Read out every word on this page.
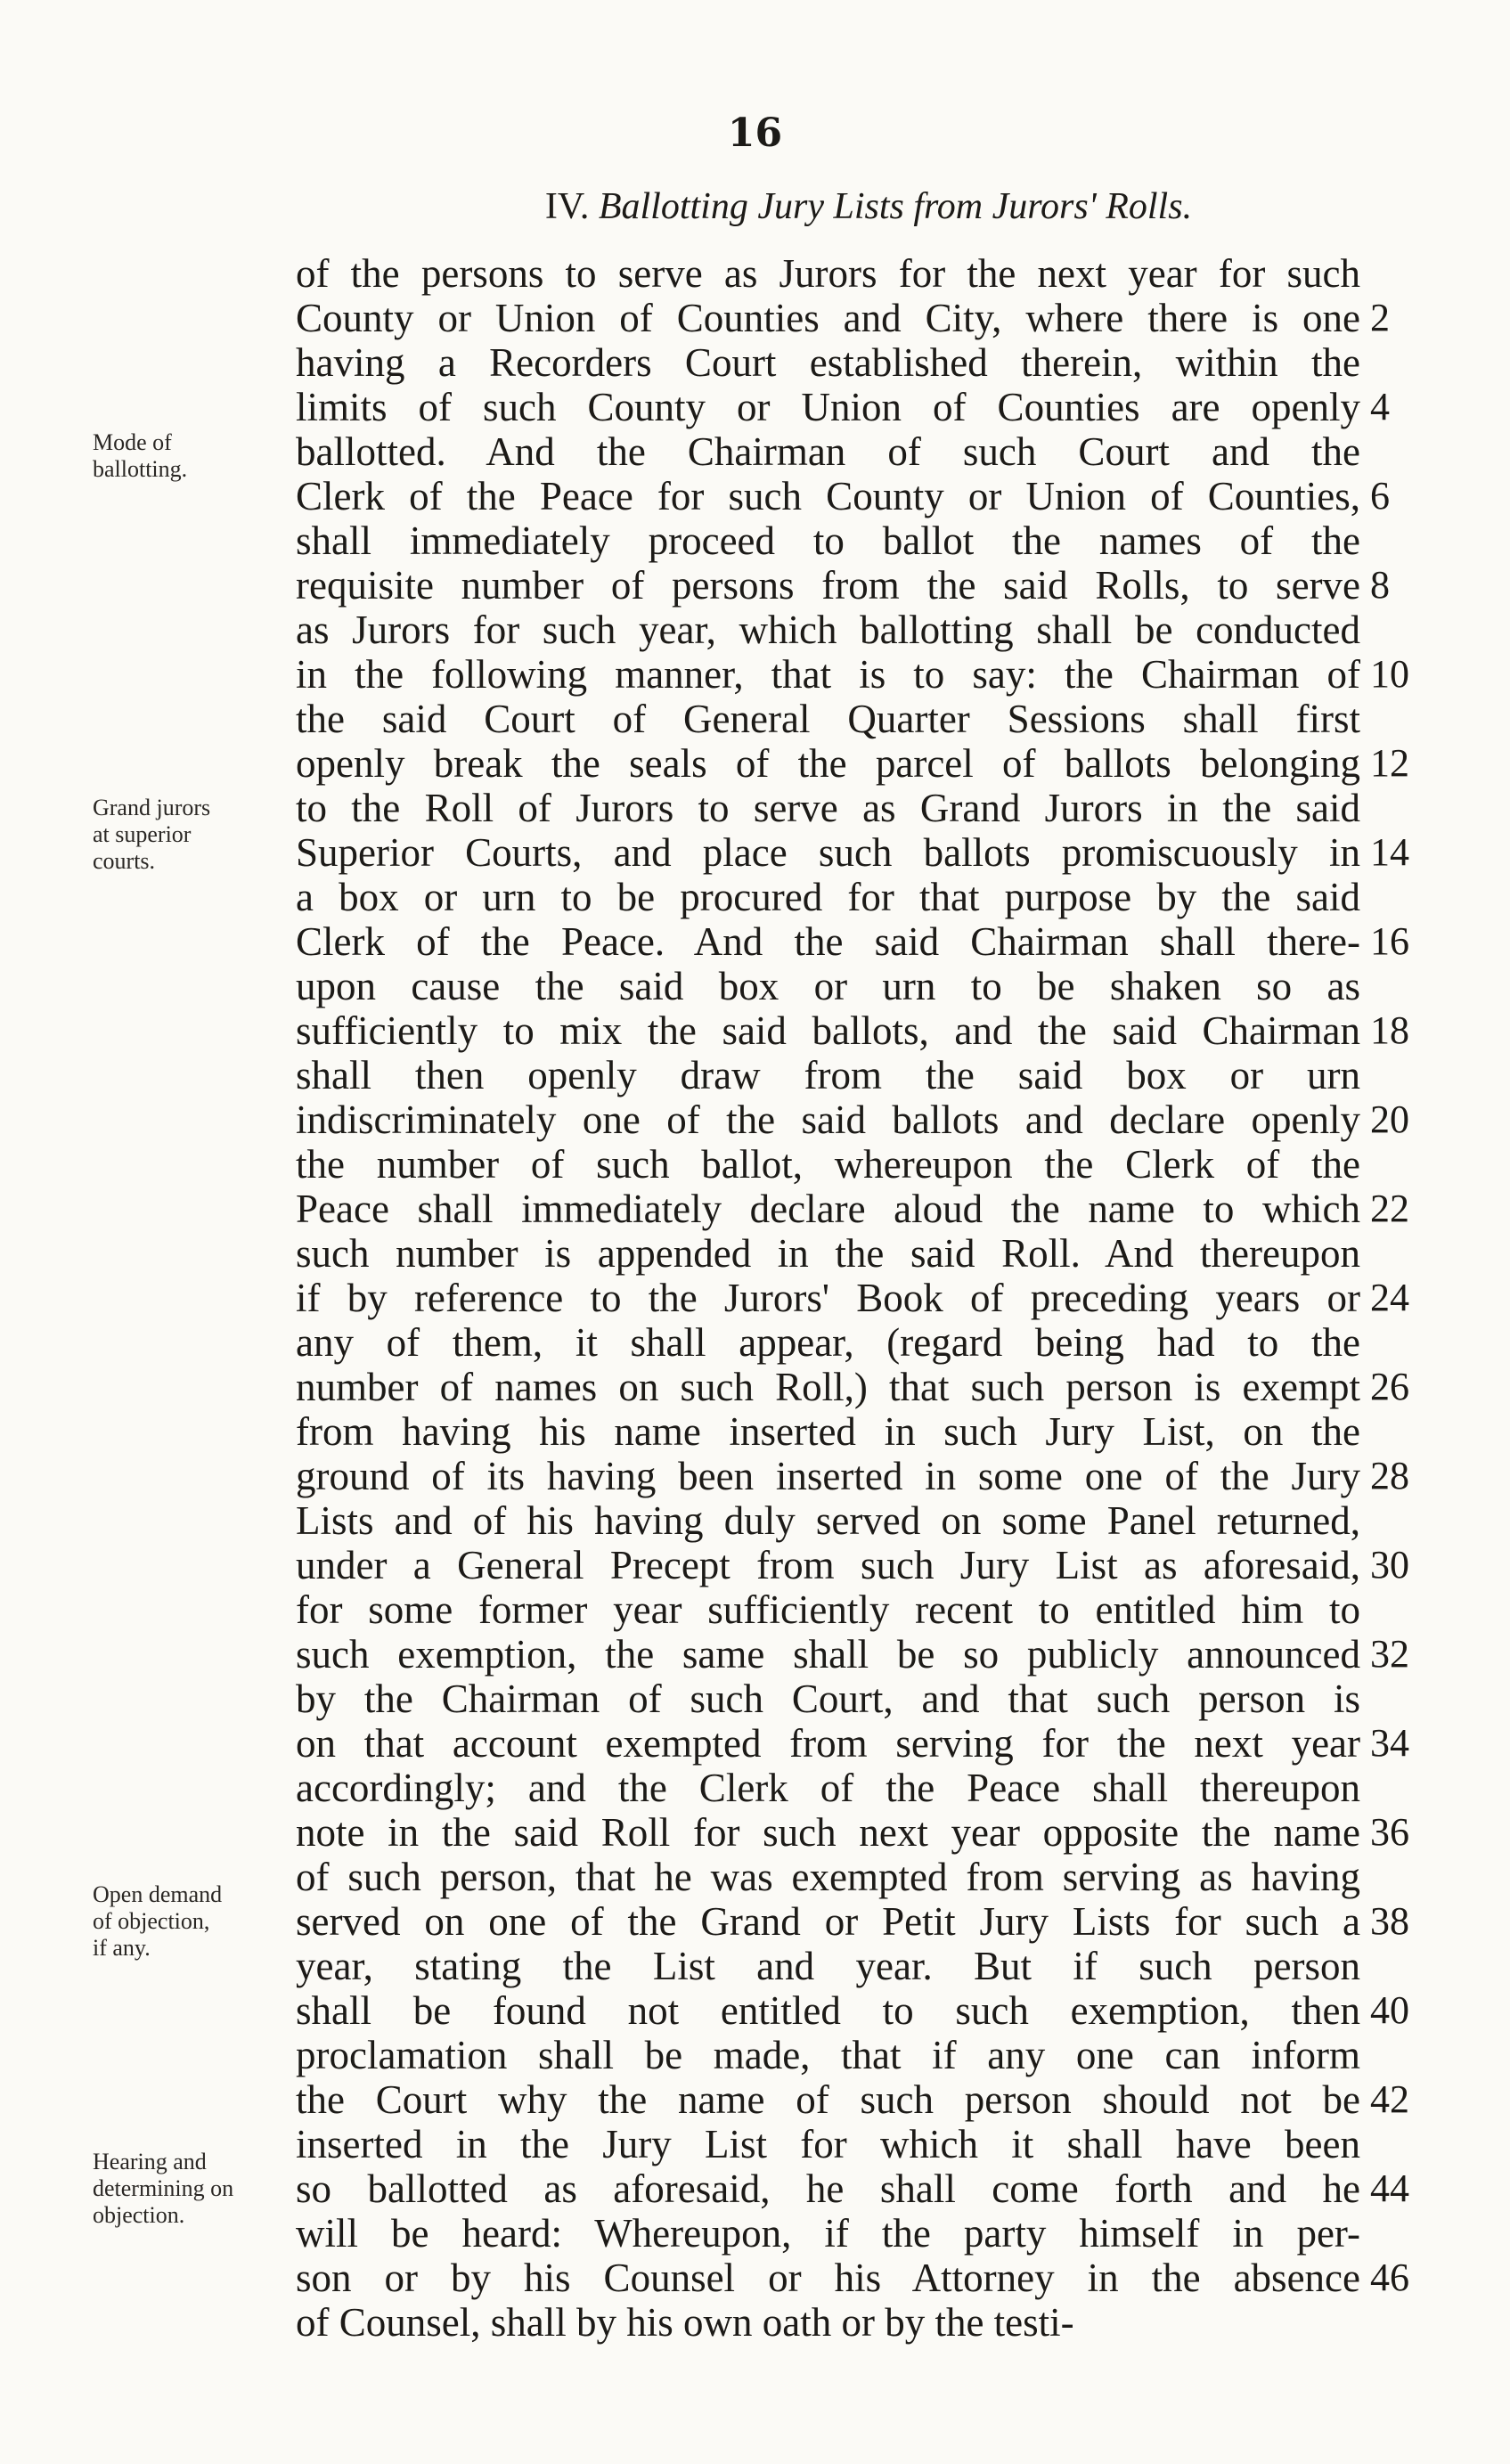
16
IV. Ballotting Jury Lists from Jurors' Rolls.
of the persons to serve as Jurors for the next year for such
County or Union of Counties and City, where there is one
having a Recorders Court established therein, within the
limits of such County or Union of Counties are openly
ballotted. And the Chairman of such Court and the
Clerk of the Peace for such County or Union of Counties,
shall immediately proceed to ballot the names of the
requisite number of persons from the said Rolls, to serve
as Jurors for such year, which ballotting shall be conducted
in the following manner, that is to say: the Chairman of
the said Court of General Quarter Sessions shall first
openly break the seals of the parcel of ballots belonging
to the Roll of Jurors to serve as Grand Jurors in the said
Superior Courts, and place such ballots promiscuously in
a box or urn to be procured for that purpose by the said
Clerk of the Peace. And the said Chairman shall there-
upon cause the said box or urn to be shaken so as
sufficiently to mix the said ballots, and the said Chairman
shall then openly draw from the said box or urn
indiscriminately one of the said ballots and declare openly
the number of such ballot, whereupon the Clerk of the
Peace shall immediately declare aloud the name to which
such number is appended in the said Roll. And thereupon
if by reference to the Jurors' Book of preceding years or
any of them, it shall appear, (regard being had to the
number of names on such Roll,) that such person is exempt
from having his name inserted in such Jury List, on the
ground of its having been inserted in some one of the Jury
Lists and of his having duly served on some Panel returned,
under a General Precept from such Jury List as aforesaid,
for some former year sufficiently recent to entitled him to
such exemption, the same shall be so publicly announced
by the Chairman of such Court, and that such person is
on that account exempted from serving for the next year
accordingly; and the Clerk of the Peace shall thereupon
note in the said Roll for such next year opposite the name
of such person, that he was exempted from serving as having
served on one of the Grand or Petit Jury Lists for such a
year, stating the List and year. But if such person
shall be found not entitled to such exemption, then
proclamation shall be made, that if any one can inform
the Court why the name of such person should not be
inserted in the Jury List for which it shall have been
so ballotted as aforesaid, he shall come forth and he
will be heard: Whereupon, if the party himself in per-
son or by his Counsel or his Attorney in the absence
of Counsel, shall by his own oath or by the testi-
2
4
6
8
10
12
14
16
18
20
22
24
26
28
30
32
34
36
38
40
42
44
46
Mode of
ballotting.
Grand jurors
at superior
courts.
Open demand
of objection,
if any.
Hearing and
determining on
objection.
